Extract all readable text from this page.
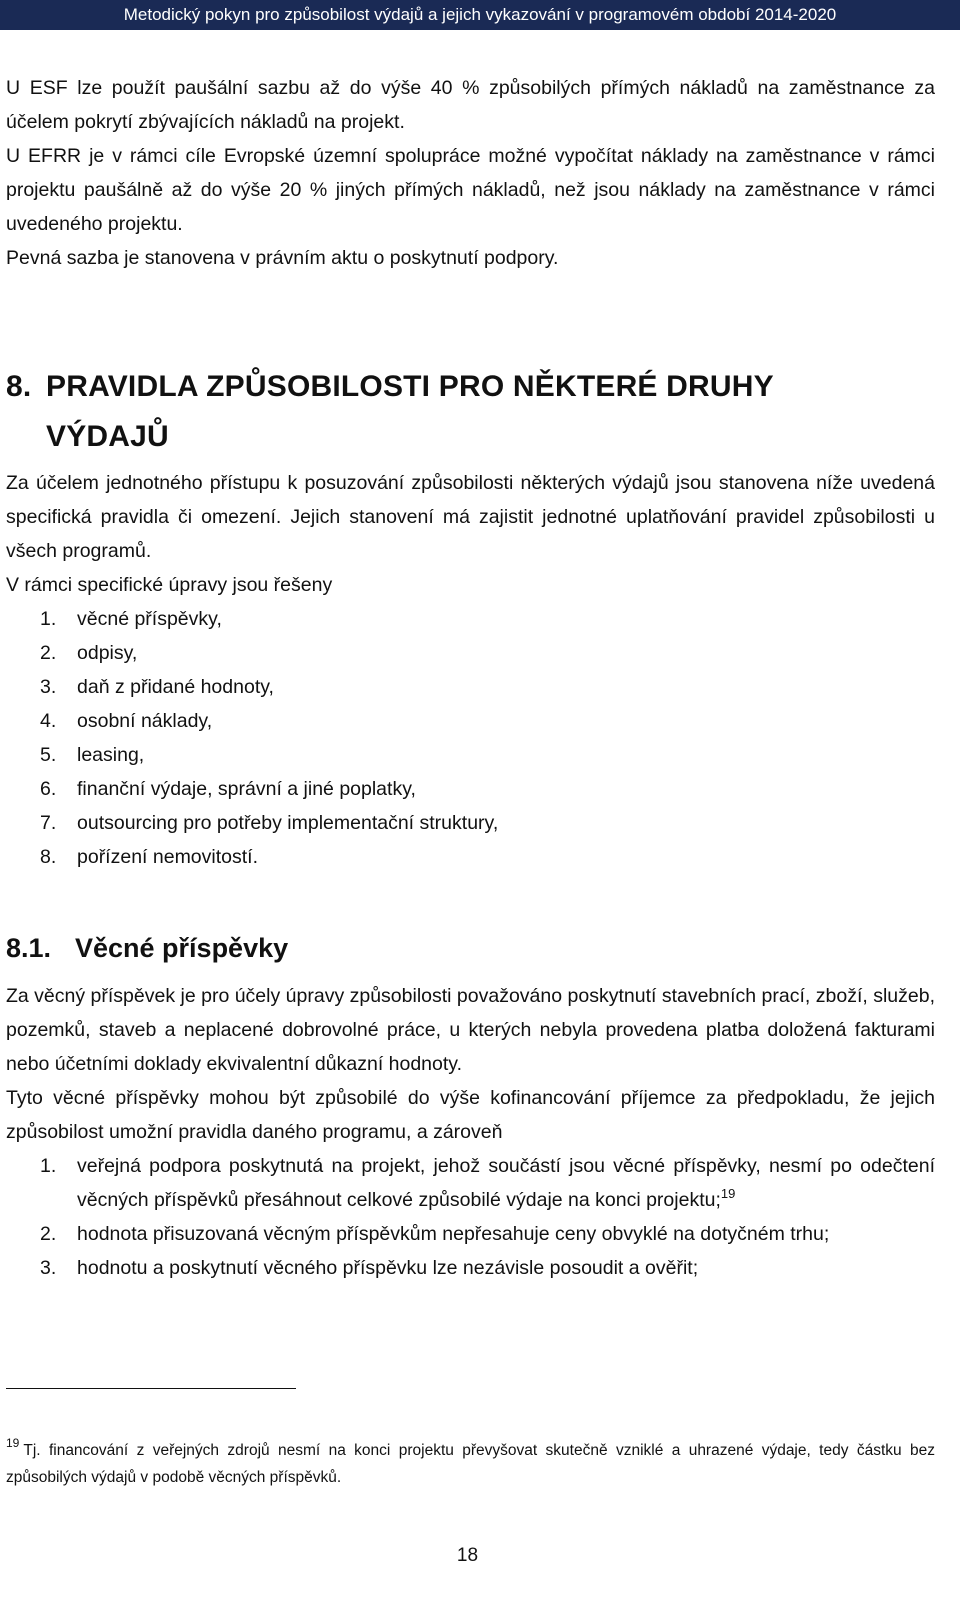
Metodický pokyn pro způsobilost výdajů a jejich vykazování v programovém období 2014-2020

U ESF lze použít paušální sazbu až do výše 40 % způsobilých přímých nákladů na zaměstnance za účelem pokrytí zbývajících nákladů na projekt.

U EFRR je v rámci cíle Evropské územní spolupráce možné vypočítat náklady na zaměstnance v rámci projektu paušálně až do výše 20 % jiných přímých nákladů, než jsou náklady na zaměstnance v rámci uvedeného projektu.

Pevná sazba je stanovena v právním aktu o poskytnutí podpory.

8. PRAVIDLA ZPŮSOBILOSTI PRO NĚKTERÉ DRUHY
VÝDAJŮ

Za účelem jednotného přístupu k posuzování způsobilosti některých výdajů jsou stanovena níže uvedená specifická pravidla či omezení. Jejich stanovení má zajistit jednotné uplatňování pravidel způsobilosti u všech programů.

V rámci specifické úpravy jsou řešeny

1. věcné příspěvky,
2. odpisy,
3. daň z přidané hodnoty,
4. osobní náklady,
5. leasing,
6. finanční výdaje, správní a jiné poplatky,
7. outsourcing pro potřeby implementační struktury,
8. pořízení nemovitostí.
8.1. Věcné příspěvky

Za věcný příspěvek je pro účely úpravy způsobilosti považováno poskytnutí stavebních prací, zboží, služeb, pozemků, staveb a neplacené dobrovolné práce, u kterých nebyla provedena platba doložená fakturami nebo účetními doklady ekvivalentní důkazní hodnoty.

Tyto věcné příspěvky mohou být způsobilé do výše kofinancování příjemce za předpokladu, že jejich způsobilost umožní pravidla daného programu, a zároveň

1. veřejná podpora poskytnutá na projekt, jehož součástí jsou věcné příspěvky, nesmí po odečtení věcných příspěvků přesáhnout celkové způsobilé výdaje na konci projektu;$^{19}$
2. hodnota přisuzovaná věcným příspěvkům nepřesahuje ceny obvyklé na dotyčném trhu;
3. hodnotu a poskytnutí věcného příspěvku lze nezávisle posoudit a ověřit;

$^{19}$ Tj. financování z veřejných zdrojů nesmí na konci projektu převyšovat skutečně vzniklé a uhrazené výdaje, tedy částku bez způsobilých výdajů v podobě věcných příspěvků.

18
